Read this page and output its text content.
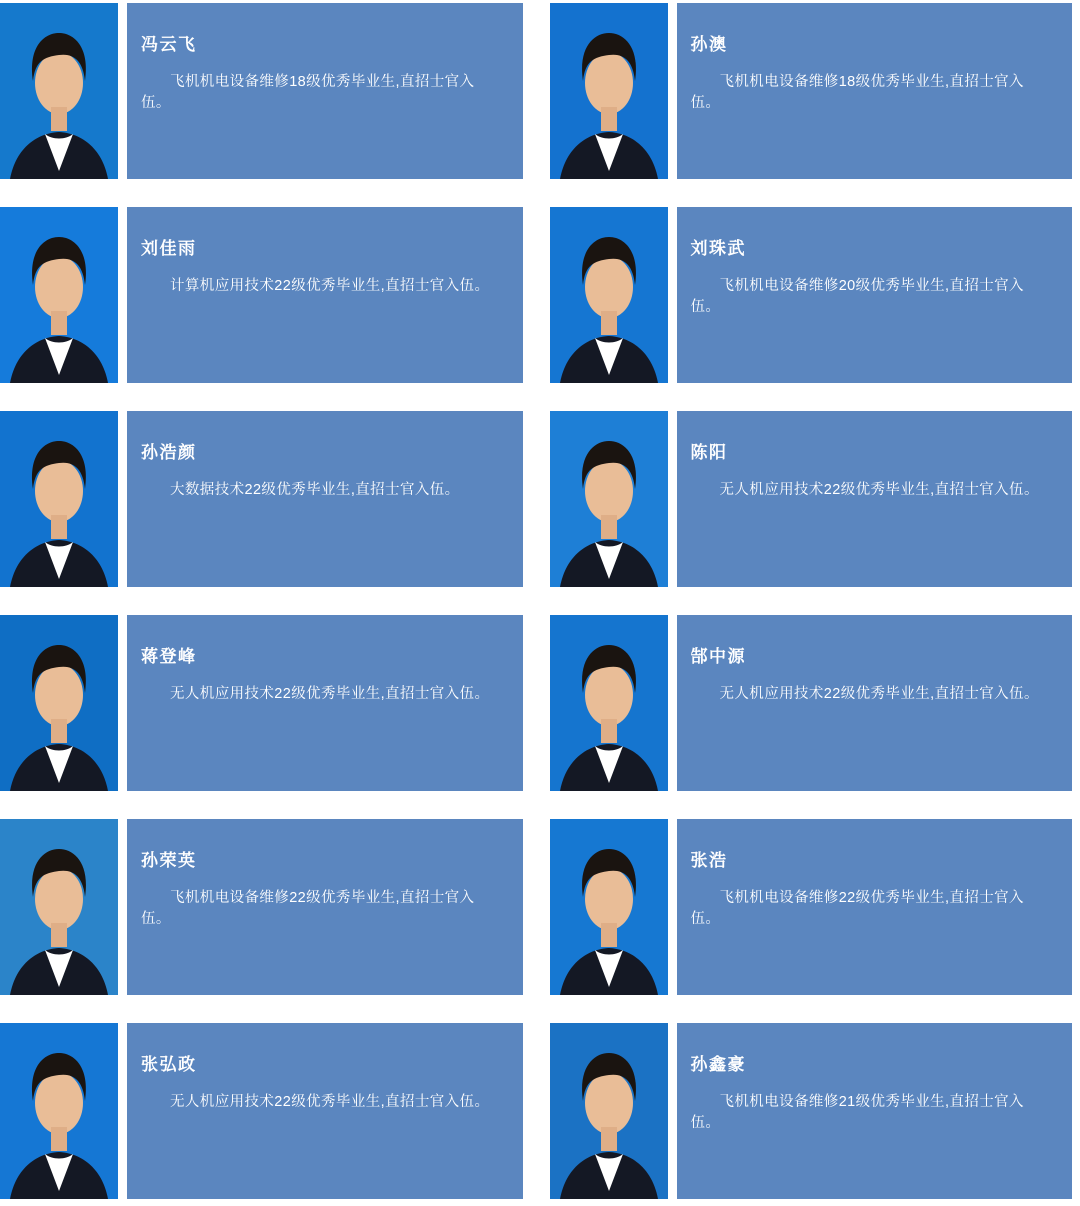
冯云飞

飞机机电设备维修18级优秀毕业生,直招士官入伍。

孙澳

飞机机电设备维修18级优秀毕业生,直招士官入伍。

刘佳雨

计算机应用技术22级优秀毕业生,直招士官入伍。

刘珠武

飞机机电设备维修20级优秀毕业生,直招士官入伍。

孙浩颜

大数据技术22级优秀毕业生,直招士官入伍。

陈阳

无人机应用技术22级优秀毕业生,直招士官入伍。

蒋登峰

无人机应用技术22级优秀毕业生,直招士官入伍。

郜中源

无人机应用技术22级优秀毕业生,直招士官入伍。

孙荣英

飞机机电设备维修22级优秀毕业生,直招士官入伍。

张浩

飞机机电设备维修22级优秀毕业生,直招士官入伍。

张弘政

无人机应用技术22级优秀毕业生,直招士官入伍。

孙鑫豪

飞机机电设备维修21级优秀毕业生,直招士官入伍。
